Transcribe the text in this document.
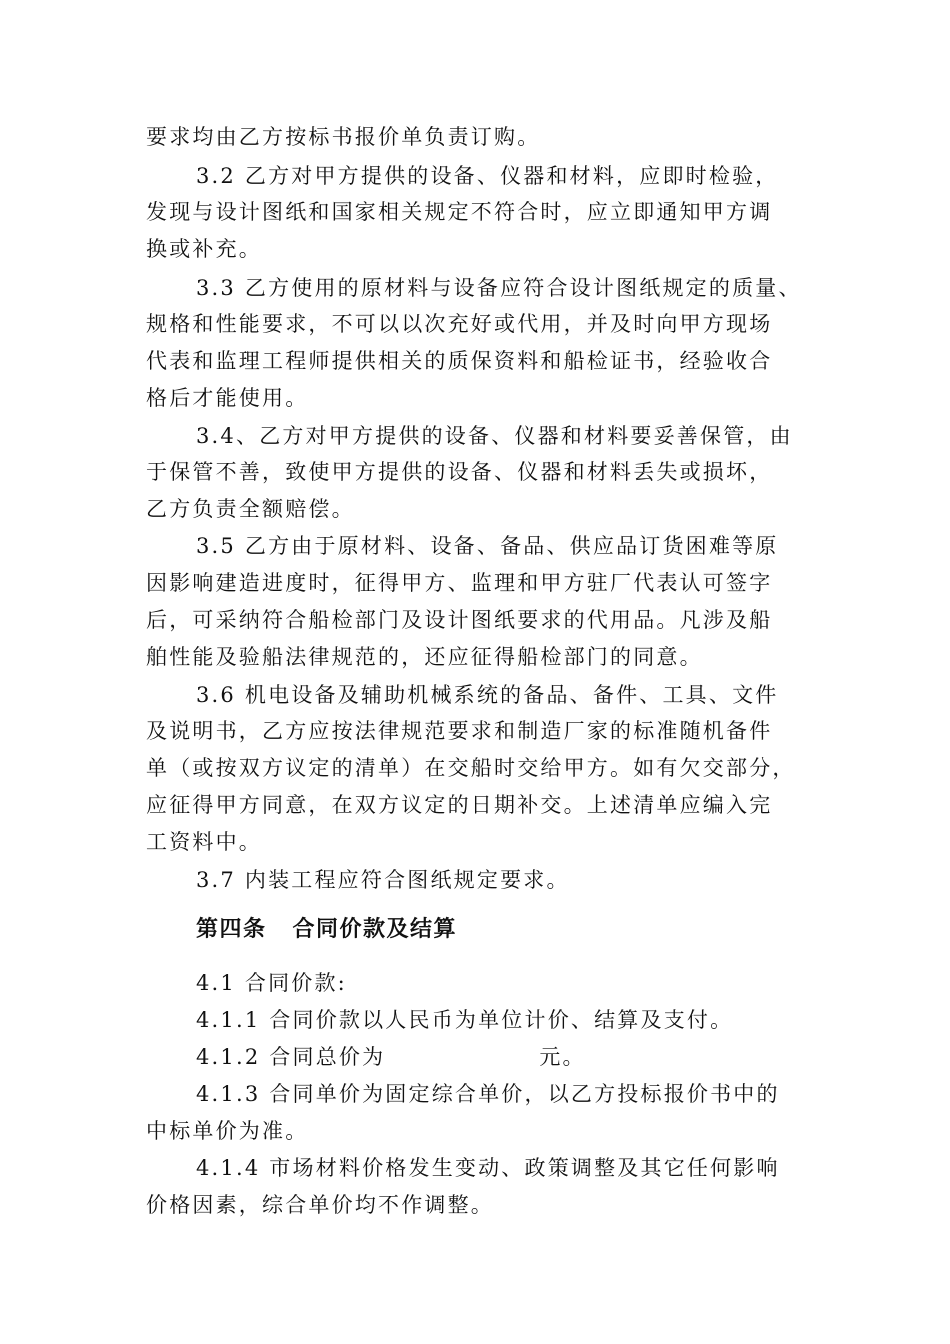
要求均由乙方按标书报价单负责订购。
3.2 乙方对甲方提供的设备、仪器和材料，应即时检验，
发现与设计图纸和国家相关规定不符合时，应立即通知甲方调
换或补充。
3.3 乙方使用的原材料与设备应符合设计图纸规定的质量、
规格和性能要求，不可以以次充好或代用，并及时向甲方现场
代表和监理工程师提供相关的质保资料和船检证书，经验收合
格后才能使用。
3.4、乙方对甲方提供的设备、仪器和材料要妥善保管，由
于保管不善，致使甲方提供的设备、仪器和材料丢失或损坏，
乙方负责全额赔偿。
3.5 乙方由于原材料、设备、备品、供应品订货困难等原
因影响建造进度时，征得甲方、监理和甲方驻厂代表认可签字
后，可采纳符合船检部门及设计图纸要求的代用品。凡涉及船
舶性能及验船法律规范的，还应征得船检部门的同意。
3.6 机电设备及辅助机械系统的备品、备件、工具、文件
及说明书，乙方应按法律规范要求和制造厂家的标准随机备件
单（或按双方议定的清单）在交船时交给甲方。如有欠交部分，
应征得甲方同意，在双方议定的日期补交。上述清单应编入完
工资料中。
3.7 内装工程应符合图纸规定要求。
第四条 合同价款及结算
4.1 合同价款:
4.1.1 合同价款以人民币为单位计价、结算及支付。
4.1.2 合同总价为	元。
4.1.3 合同单价为固定综合单价，以乙方投标报价书中的
中标单价为准。
4.1.4 市场材料价格发生变动、政策调整及其它任何影响
价格因素，综合单价均不作调整。
